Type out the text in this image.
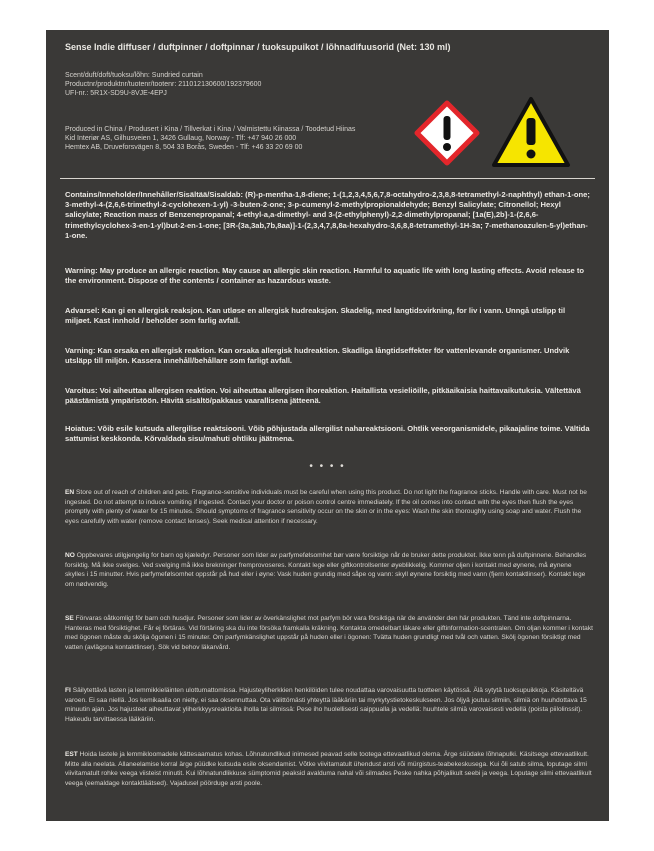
Sense Indie diffuser / duftpinner / doftpinnar / tuoksupuikot / lõhnadifuusorid (Net: 130 ml)
Scent/duft/doft/tuoksu/lõhn: Sundried curtain
Productnr/produktnr/tuotenr/tootenr: 211012130600/192379600
UFI-nr.: 5R1X-SD9U-8VJE-4EPJ
Produced in China / Produsert i Kina / Tillverkat i Kina / Valmistettu Kiinassa / Toodetud Hiinas
Kid Interiør AS, Gilhusveien 1, 3426 Gullaug, Norway - Tlf: +47 940 26 000
Hemtex AB, Druveforsvägen 8, 504 33 Borås, Sweden - Tlf: +46 33 20 69 00

Contains/Inneholder/Innehåller/Sisältää/Sisaldab: (R)-p-mentha-1,8-diene; 1-(1,2,3,4,5,6,7,8-octahydro-2,3,8,8-tetramethyl-2-naphthyl) ethan-1-one; 3-methyl-4-(2,6,6-trimethyl-2-cyclohexen-1-yl) -3-buten-2-one; 3-p-cumenyl-2-methylpropionaldehyde; Benzyl Salicylate; Citronellol; Hexyl salicylate; Reaction mass of Benzenepropanal; 4-ethyl-a,a-dimethyl- and 3-(2-ethylphenyl)-2,2-dimethylpropanal; [1a(E),2b]-1-(2,6,6- trimethylcyclohex-3-en-1-yl)but-2-en-1-one; [3R-(3a,3ab,7b,8aa)]-1-(2,3,4,7,8,8a-hexahydro-3,6,8,8-tetramethyl-1H-3a; 7-methanoazulen-5-yl)ethan-1-one.

Warning: May produce an allergic reaction. May cause an allergic skin reaction. Harmful to aquatic life with long lasting effects. Avoid release to the environment. Dispose of the contents / container as hazardous waste.

Advarsel: Kan gi en allergisk reaksjon. Kan utløse en allergisk hudreaksjon. Skadelig, med langtidsvirkning, for liv i vann. Unngå utslipp til miljøet. Kast innhold / beholder som farlig avfall.

Varning: Kan orsaka en allergisk reaktion. Kan orsaka allergisk hudreaktion. Skadliga långtidseffekter för vattenlevande organismer. Undvik utsläpp till miljön. Kassera innehåll/behållare som farligt avfall.

Varoitus: Voi aiheuttaa allergisen reaktion. Voi aiheuttaa allergisen ihoreaktion. Haitallista vesieliöille, pitkäaikaisia haittavaikutuksia. Vältettävä päästämistä ympäristöön. Hävitä sisältö/pakkaus vaarallisena jätteenä.

Hoiatus: Võib esile kutsuda allergilise reaktsiooni. Võib põhjustada allergilist nahareaktsiooni. Ohtlik veeorganismidele, pikaajaline toime. Vältida sattumist keskkonda. Kõrvaldada sisu/mahuti ohtliku jäätmena.

• • • •

EN Store out of reach of children and pets. Fragrance-sensitive individuals must be careful when using this product. Do not light the fragrance sticks. Handle with care. Must not be ingested. Do not attempt to induce vomiting if ingested. Contact your doctor or poison control centre immediately. If the oil comes into contact with the eyes then flush the eyes promptly with plenty of water for 15 minutes. Should symptoms of fragrance sensitivity occur on the skin or in the eyes: Wash the skin thoroughly using soap and water. Flush the eyes carefully with water (remove contact lenses). Seek medical attention if necessary.

NO Oppbevares utilgjengelig for barn og kjæledyr. Personer som lider av parfymefølsomhet bør være forsiktige når de bruker dette produktet. Ikke tenn på duftpinnene. Behandles forsiktig. Må ikke svelges. Ved svelging må ikke brekninger fremprovoseres. Kontakt lege eller giftkontrollsenter øyeblikkelig. Kommer oljen i kontakt med øynene, må øynene skylles i 15 minutter. Hvis parfymefølsomhet oppstår på hud eller i øyne: Vask huden grundig med såpe og vann: skyll øynene forsiktig med vann (fjern kontaktlinser). Kontakt lege om nødvendig.

SE Förvaras oåtkomligt för barn och husdjur. Personer som lider av överkänslighet mot parfym bör vara försiktiga när de använder den här produkten. Tänd inte doftpinnarna. Hanteras med försiktighet. Får ej förtäras. Vid förtäring ska du inte försöka framkalla kräkning. Kontakta omedelbart läkare eller giftinformation-scentralen. Om oljan kommer i kontakt med ögonen måste du skölja ögonen i 15 minuter. Om parfymkänslighet uppstår på huden eller i ögonen: Tvätta huden grundligt med tvål och vatten. Skölj ögonen försiktigt med vatten (avlägsna kontaktlinser). Sök vid behov läkarvård.

FI Säilytettävä lasten ja lemmikkieläinten ulottumattomissa. Hajusteyliherkkien henkilöiden tulee noudattaa varovaisuutta tuotteen käytössä. Älä sytytä tuoksupuikkoja. Käsiteltävä varoen. Ei saa niellä. Jos kemikaalia on nielty, ei saa oksennuttaa. Ota välittömästi yhteyttä lääkäriin tai myrkytystietokeskukseen. Jos öljyä joutuu silmiin, silmiä on huuhdottava 15 minuutin ajan. Jos hajusteet aiheuttavat yliherkkyysreaktioita iholla tai silmissä: Pese iho huolellisesti saippualla ja vedellä: huuhtele silmiä varovaisesti vedellä (poista piilolinssit). Hakeudu tarvittaessa lääkäriin.

EST Hoida lastele ja lemmikloomadele kättesaamatus kohas. Lõhnatundlikud inimesed peavad selle tootega ettevaatlikud olema. Ärge süüdake lõhnapulki. Käsitsege ettevaatlikult. Mitte alla neelata. Allaneelamise korral ärge püüdke kutsuda esile oksendamist. Võtke viivitamatult ühendust arsti või mürgistus-teabekeskusega. Kui õli satub silma, loputage silmi viivitamatult rohke veega viisteist minutit. Kui lõhnatundlikkuse sümptomid peaksid avalduma nahal või silmades Peske nahka põhjalikult seebi ja veega. Loputage silmi ettevaatlikult veega (eemaldage kontaktläätsed). Vajadusel pöörduge arsti poole.
